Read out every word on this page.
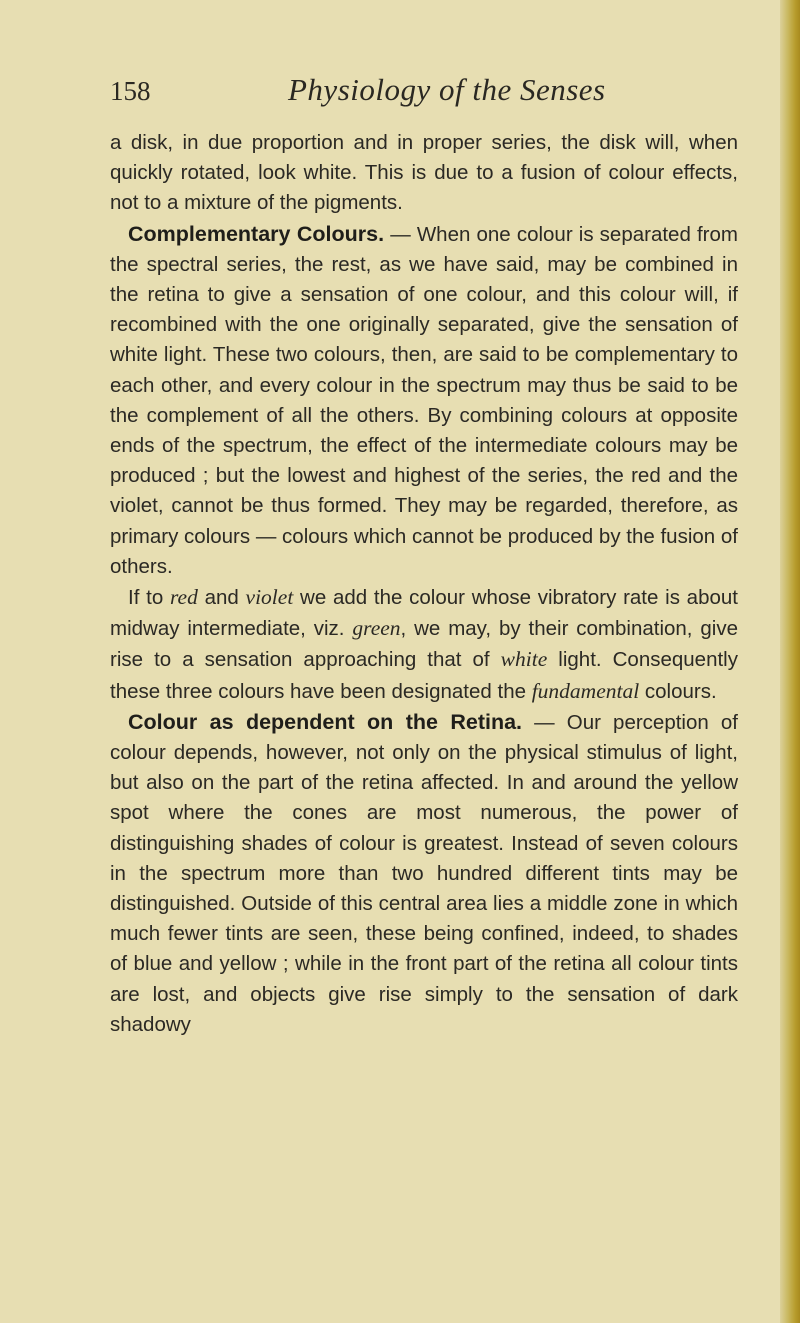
158	Physiology of the Senses

a disk, in due proportion and in proper series, the disk will, when quickly rotated, look white. This is due to a fusion of colour effects, not to a mixture of the pigments.

Complementary Colours. — When one colour is separated from the spectral series, the rest, as we have said, may be combined in the retina to give a sensation of one colour, and this colour will, if recombined with the one originally separated, give the sensation of white light. These two colours, then, are said to be complementary to each other, and every colour in the spectrum may thus be said to be the complement of all the others. By combining colours at opposite ends of the spectrum, the effect of the intermediate colours may be produced ; but the lowest and highest of the series, the red and the violet, cannot be thus formed. They may be regarded, therefore, as primary colours — colours which cannot be produced by the fusion of others.

If to red and violet we add the colour whose vibratory rate is about midway intermediate, viz. green, we may, by their combination, give rise to a sensation approaching that of white light. Consequently these three colours have been designated the fundamental colours.

Colour as dependent on the Retina. — Our perception of colour depends, however, not only on the physical stimulus of light, but also on the part of the retina affected. In and around the yellow spot where the cones are most numerous, the power of distinguishing shades of colour is greatest. Instead of seven colours in the spectrum more than two hundred different tints may be distinguished. Outside of this central area lies a middle zone in which much fewer tints are seen, these being confined, indeed, to shades of blue and yellow ; while in the front part of the retina all colour tints are lost, and objects give rise simply to the sensation of dark shadowy
